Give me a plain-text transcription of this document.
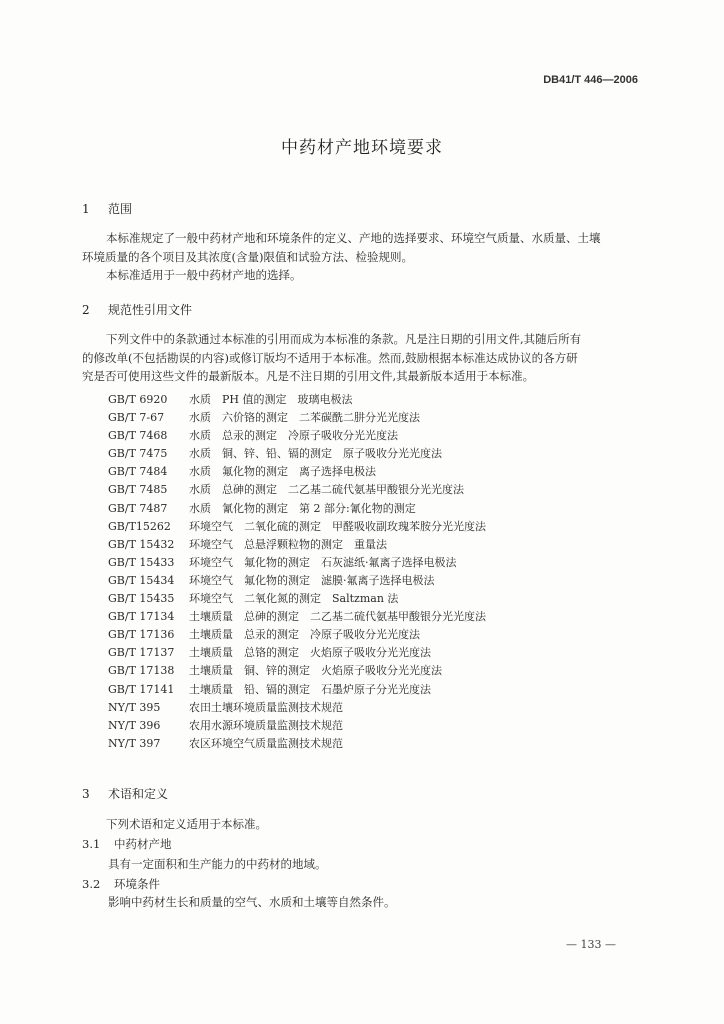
DB41/T 446—2006
中药材产地环境要求
1 范围

本标准规定了一般中药材产地和环境条件的定义、产地的选择要求、环境空气质量、水质量、土壤

环境质量的各个项目及其浓度(含量)限值和试验方法、检验规则。

本标准适用于一般中药材产地的选择。

2 规范性引用文件

下列文件中的条款通过本标准的引用而成为本标准的条款。凡是注日期的引用文件,其随后所有

的修改单(不包括勘误的内容)或修订版均不适用于本标准。然而,鼓励根据本标准达成协议的各方研

究是否可使用这些文件的最新版本。凡是不注日期的引用文件,其最新版本适用于本标准。

GB/T 6920　 水质　PH 值的测定　玻璃电极法
GB/T 7-67　 水质　六价铬的测定　二苯碳酰二肼分光光度法
GB/T 7468　 水质　总汞的测定　冷原子吸收分光光度法
GB/T 7475　 水质　铜、锌、铅、镉的测定　原子吸收分光光度法
GB/T 7484　 水质　氟化物的测定　离子选择电极法
GB/T 7485　 水质　总砷的测定　二乙基二硫代氨基甲酸银分光光度法
GB/T 7487　 水质　氰化物的测定　第 2 部分:氰化物的测定
GB/T15262　 环境空气　二氧化硫的测定　甲醛吸收副玫瑰苯胺分光光度法
GB/T 15432　 环境空气　总悬浮颗粒物的测定　重量法
GB/T 15433　 环境空气　氟化物的测定　石灰滤纸·氟离子选择电极法
GB/T 15434　 环境空气　氟化物的测定　滤膜·氟离子选择电极法
GB/T 15435　 环境空气　二氧化氮的测定　Saltzman 法
GB/T 17134　 土壤质量　总砷的测定　二乙基二硫代氨基甲酸银分光光度法
GB/T 17136　 土壤质量　总汞的测定　冷原子吸收分光光度法
GB/T 17137　 土壤质量　总铬的测定　火焰原子吸收分光光度法
GB/T 17138　 土壤质量　铜、锌的测定　火焰原子吸收分光光度法
GB/T 17141　 土壤质量　铅、镉的测定　石墨炉原子分光光度法
NY/T 395　	农田土壤环境质量监测技术规范
NY/T 396　	农用水源环境质量监测技术规范
NY/T 397　	农区环境空气质量监测技术规范
3 术语和定义

下列术语和定义适用于本标准。

3.1 中药材产地
具有一定面积和生产能力的中药材的地域。
3.2 环境条件
影响中药材生长和质量的空气、水质和土壤等自然条件。
— 133 —
